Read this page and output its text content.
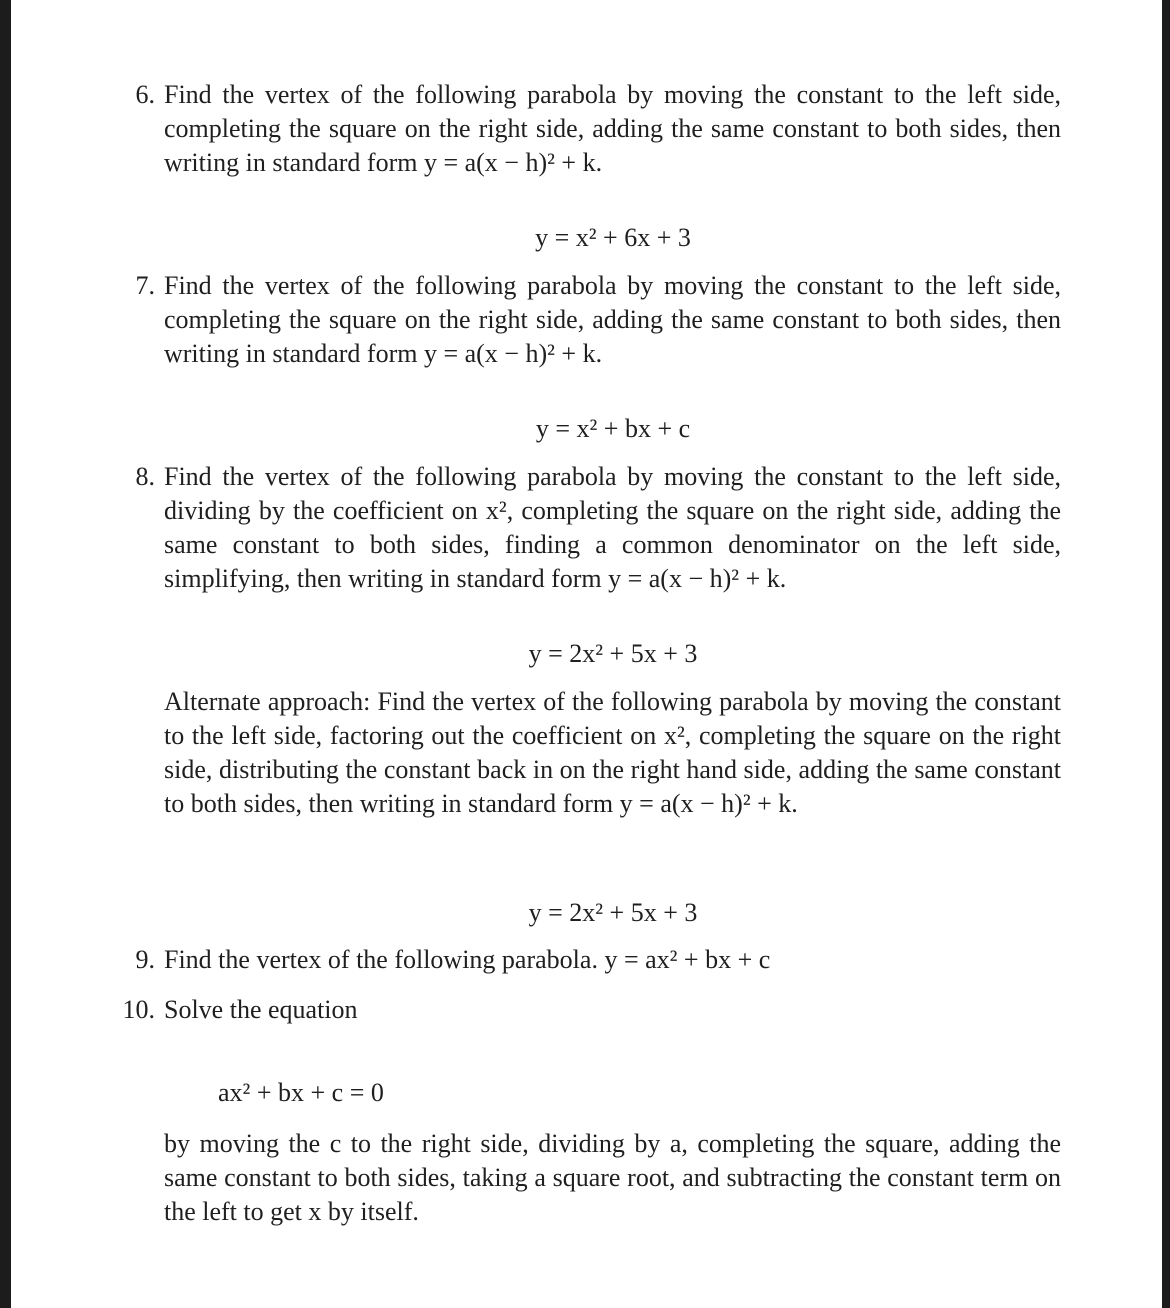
6. Find the vertex of the following parabola by moving the constant to the left side, completing the square on the right side, adding the same constant to both sides, then writing in standard form y = a(x − h)² + k.
y = x² + 6x + 3
7. Find the vertex of the following parabola by moving the constant to the left side, completing the square on the right side, adding the same constant to both sides, then writing in standard form y = a(x − h)² + k.
y = x² + bx + c
8. Find the vertex of the following parabola by moving the constant to the left side, dividing by the coefficient on x², completing the square on the right side, adding the same constant to both sides, finding a common denominator on the left side, simplifying, then writing in standard form y = a(x − h)² + k.
y = 2x² + 5x + 3
Alternate approach: Find the vertex of the following parabola by moving the constant to the left side, factoring out the coefficient on x², completing the square on the right side, distributing the constant back in on the right hand side, adding the same constant to both sides, then writing in standard form y = a(x − h)² + k.
y = 2x² + 5x + 3
9. Find the vertex of the following parabola. y = ax² + bx + c
10. Solve the equation
ax² + bx + c = 0
by moving the c to the right side, dividing by a, completing the square, adding the same constant to both sides, taking a square root, and subtracting the constant term on the left to get x by itself.
